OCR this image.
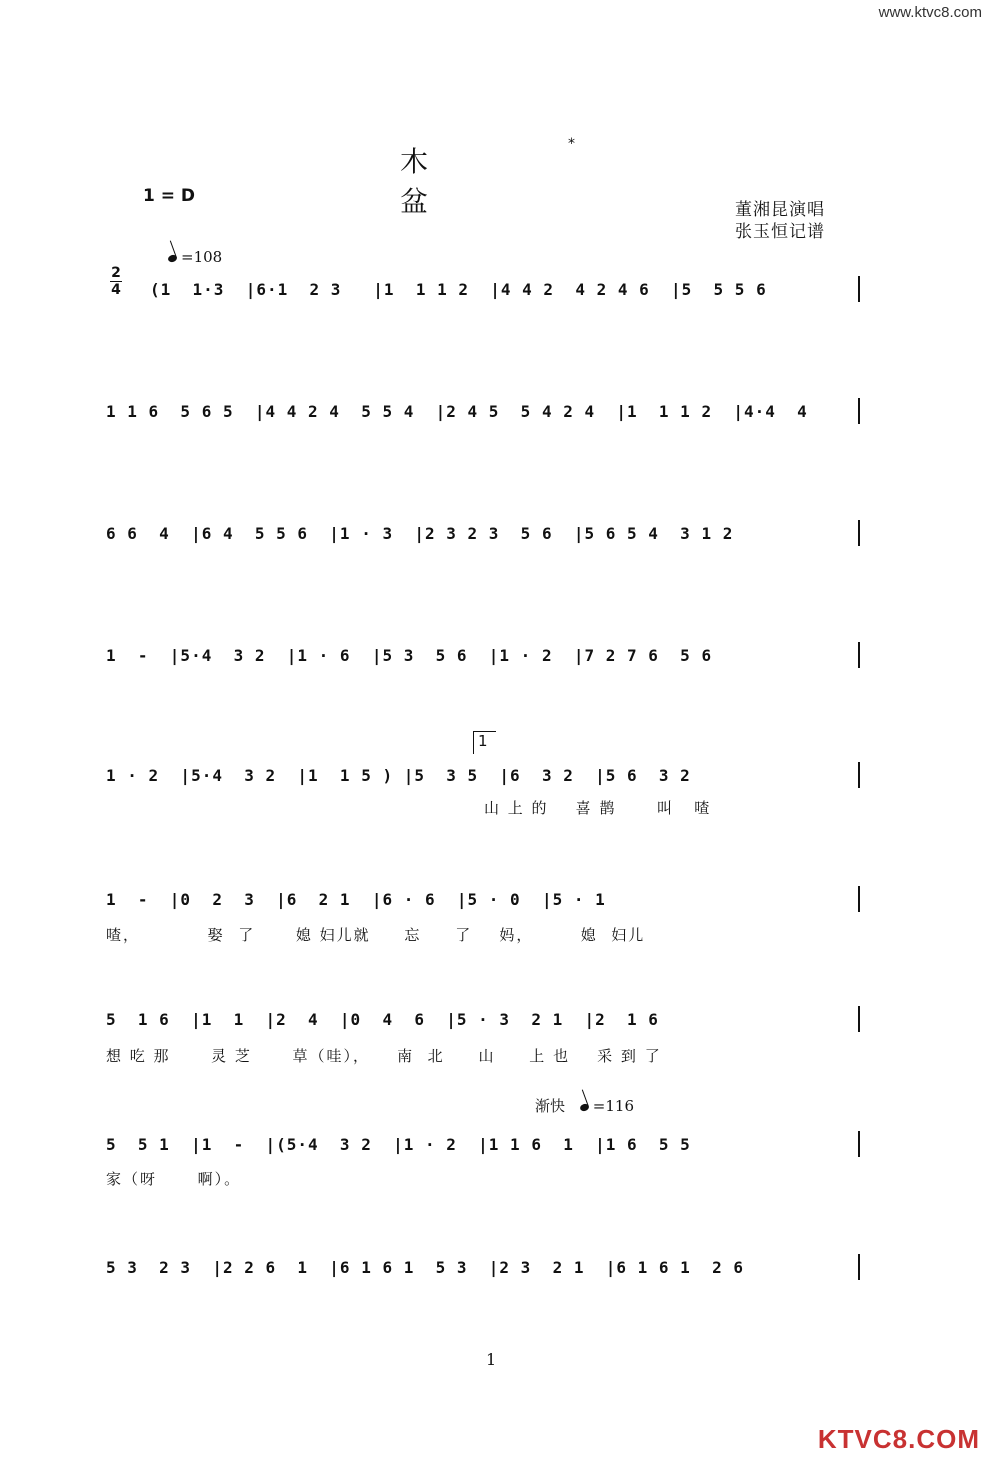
www.ktvc8.com
木盆
*
1 = D
董湘昆演唱
张玉恒记谱
=108
2
4 (1  1·3  |6·1  2 3   |1  1 1 2  |4 4 2  4 2 4 6  |5  5 5 6
1 1 6  5 6 5  |4 4 2 4  5 5 4  |2 4 5  5 4 2 4  |1  1 1 2  |4·4  4
6 6  4  |6 4  5 5 6  |1 · 3  |2 3 2 3  5 6  |5 6 5 4  3 1 2
1  -  |5·4  3 2  |1 · 6  |5 3  5 6  |1 · 2  |7 2 7 6  5 6
1
1 · 2  |5·4  3 2  |1  1 5 ) |5  3 5  |6  3 2  |5 6  3 2
山 上 的    喜 鹊      叫   喳
1  -  |0  2  3  |6  2 1  |6 · 6  |5 · 0  |5 · 1
喳，          娶  了      媳 妇儿就     忘     了    妈，       媳  妇儿
5  1 6  |1  1  |2  4  |0  4  6  |5 · 3  2 1  |2  1 6
想 吃 那      灵 芝      草（哇），    南  北     山     上 也    采 到 了
渐快 =116
5  5 1  |1  -  |(5·4  3 2  |1 · 2  |1 1 6  1  |1 6  5 5
家（呀      啊）。
5 3  2 3  |2 2 6  1  |6 1 6 1  5 3  |2 3  2 1  |6 1 6 1  2 6
1
KTVC8.COM
